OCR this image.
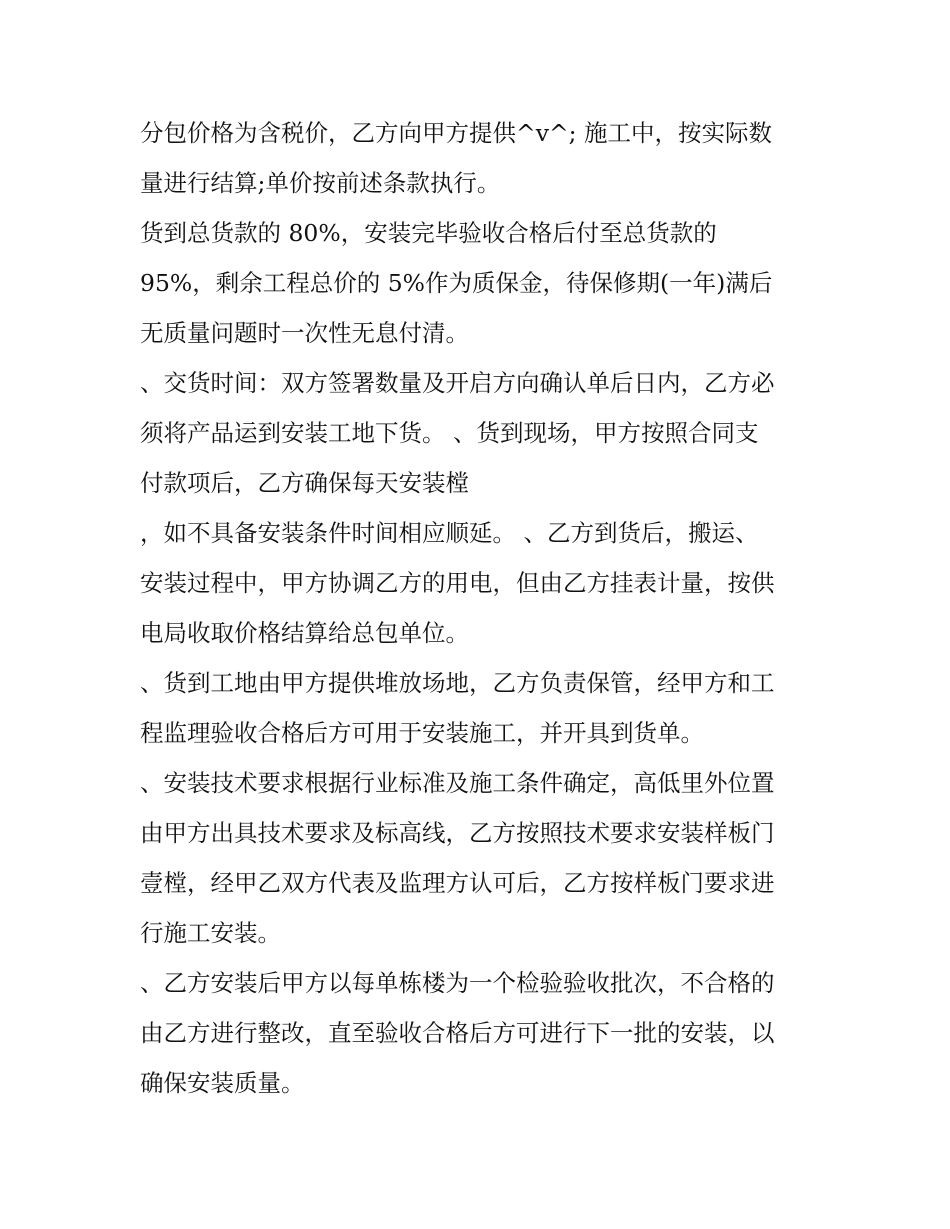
分包价格为含税价，乙方向甲方提供^v^; 施工中，按实际数
量进行结算;单价按前述条款执行。
货到总货款的 80%，安装完毕验收合格后付至总货款的
95%，剩余工程总价的 5%作为质保金，待保修期(一年)满后
无质量问题时一次性无息付清。
、交货时间：双方签署数量及开启方向确认单后日内，乙方必
须将产品运到安装工地下货。 、货到现场，甲方按照合同支
付款项后，乙方确保每天安装樘
，如不具备安装条件时间相应顺延。 、乙方到货后，搬运、
安装过程中，甲方协调乙方的用电，但由乙方挂表计量，按供
电局收取价格结算给总包单位。
、货到工地由甲方提供堆放场地，乙方负责保管，经甲方和工
程监理验收合格后方可用于安装施工，并开具到货单。
、安装技术要求根据行业标准及施工条件确定，高低里外位置
由甲方出具技术要求及标高线，乙方按照技术要求安装样板门
壹樘，经甲乙双方代表及监理方认可后，乙方按样板门要求进
行施工安装。
、乙方安装后甲方以每单栋楼为一个检验验收批次，不合格的
由乙方进行整改，直至验收合格后方可进行下一批的安装，以
确保安装质量。
